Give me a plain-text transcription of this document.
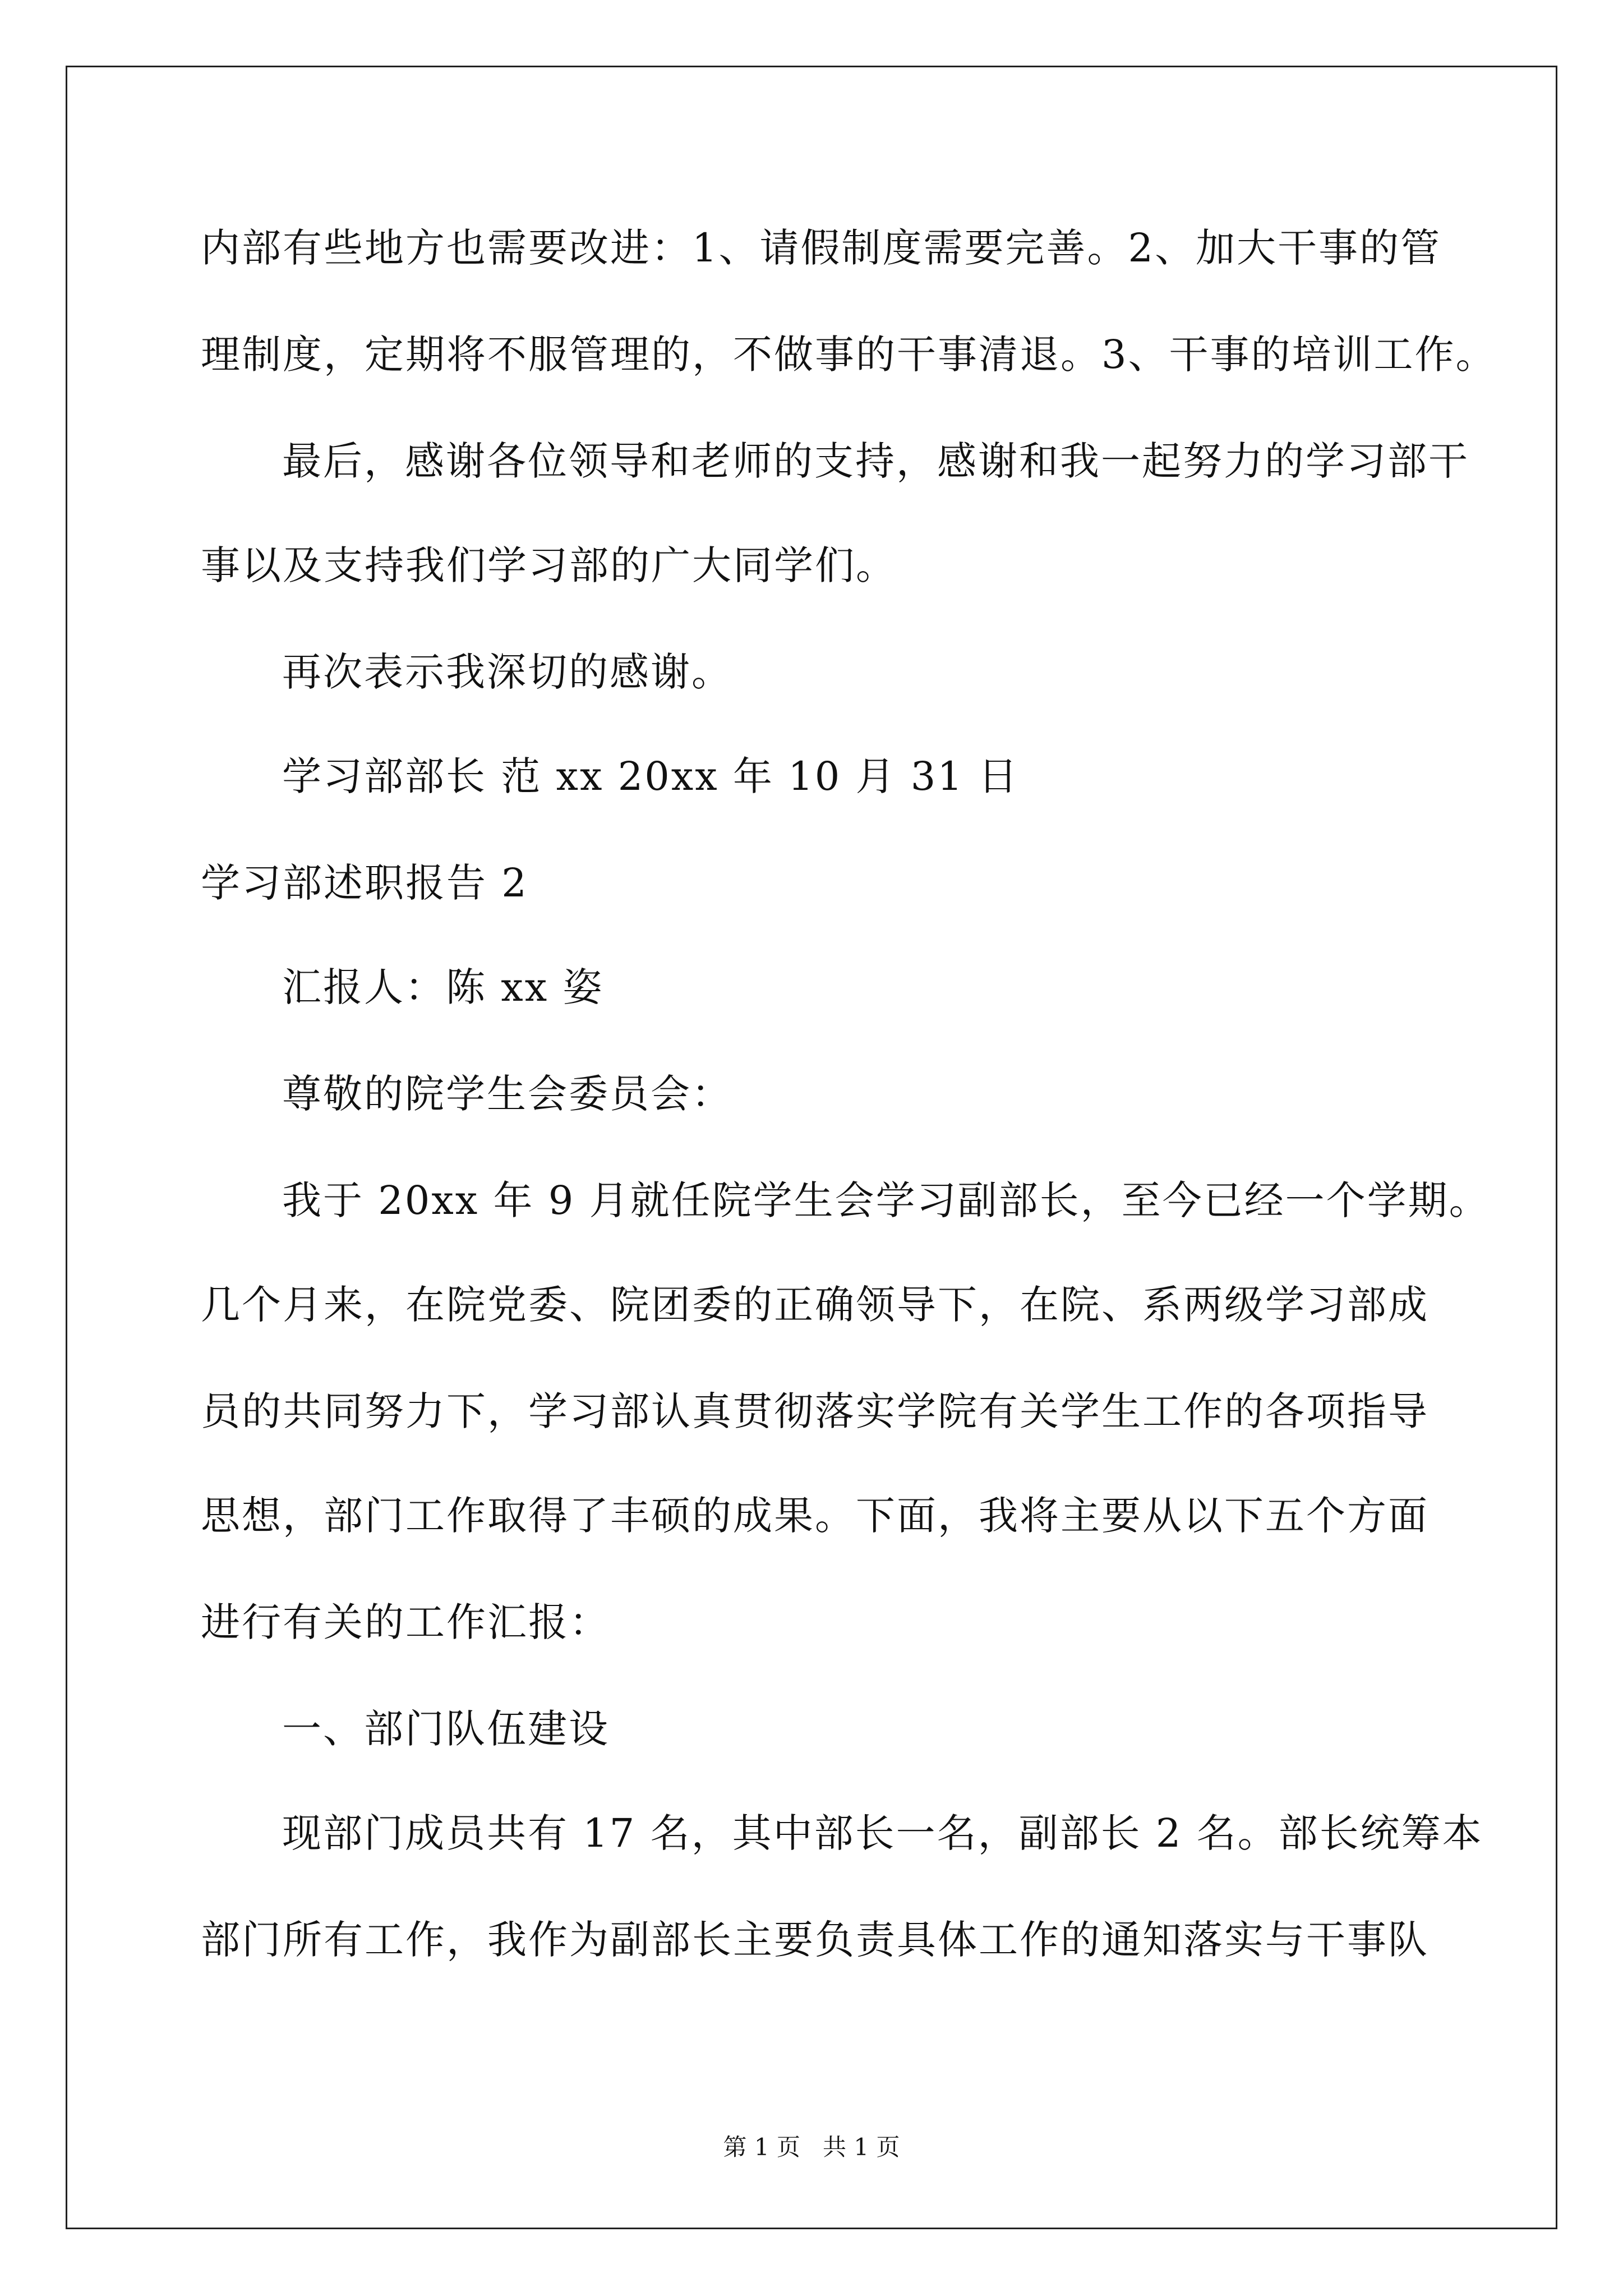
内部有些地方也需要改进：1、请假制度需要完善。2、加大干事的管
理制度，定期将不服管理的，不做事的干事清退。3、干事的培训工作。
最后，感谢各位领导和老师的支持，感谢和我一起努力的学习部干
事以及支持我们学习部的广大同学们。
再次表示我深切的感谢。
学习部部长 范 xx 20xx 年 10 月 31 日
学习部述职报告 2
汇报人：陈 xx 姿
尊敬的院学生会委员会：
我于 20xx 年 9 月就任院学生会学习副部长，至今已经一个学期。
几个月来，在院党委、院团委的正确领导下，在院、系两级学习部成
员的共同努力下，学习部认真贯彻落实学院有关学生工作的各项指导
思想，部门工作取得了丰硕的成果。下面，我将主要从以下五个方面
进行有关的工作汇报：
一、部门队伍建设
现部门成员共有 17 名，其中部长一名，副部长 2 名。部长统筹本
部门所有工作，我作为副部长主要负责具体工作的通知落实与干事队
第 1 页   共 1 页
